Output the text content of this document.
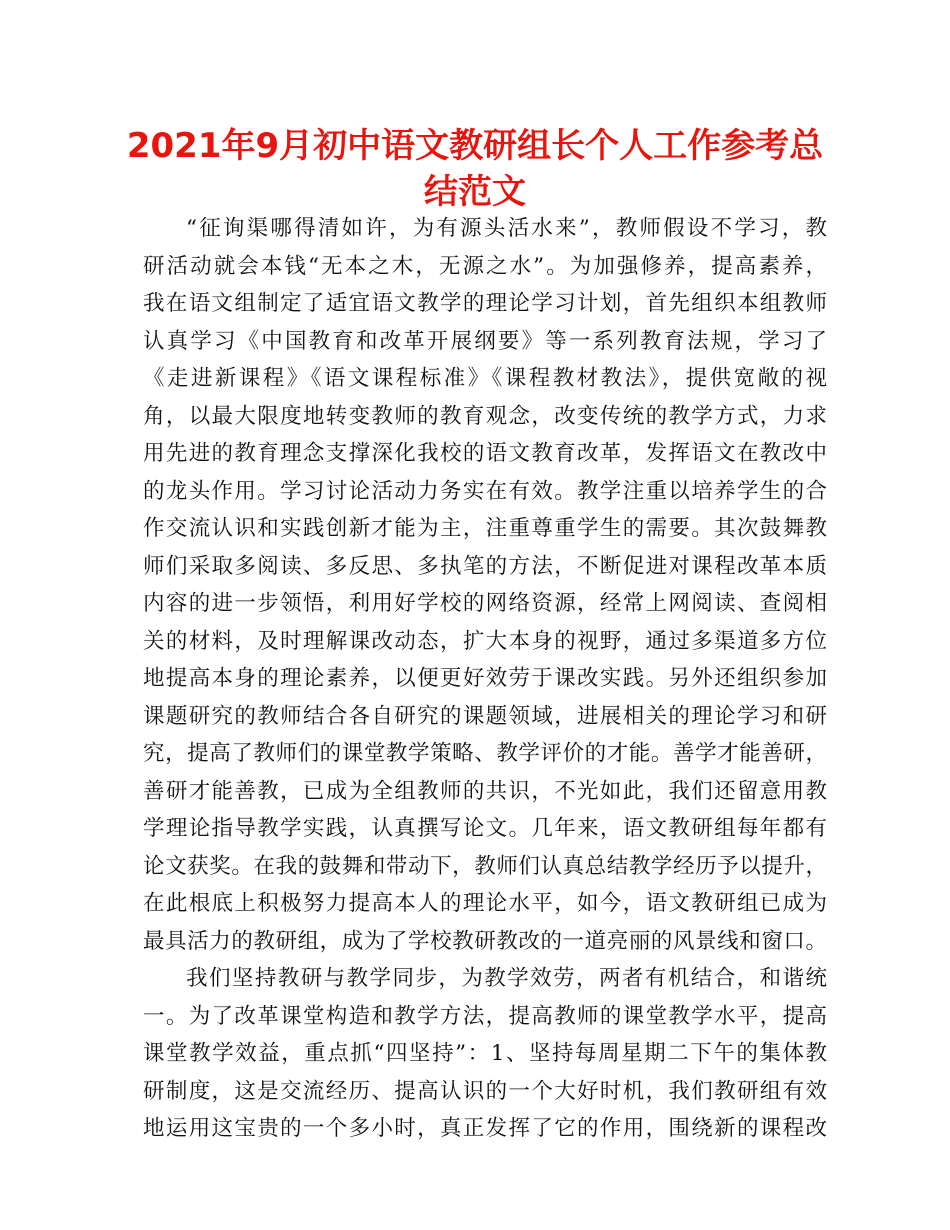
2021年9月初中语文教研组长个人工作参考总
结范文
“征询渠哪得清如许，为有源头活水来”，教师假设不学习，教
研活动就会本钱“无本之木，无源之水”。为加强修养，提高素养，
我在语文组制定了适宜语文教学的理论学习计划，首先组织本组教师
认真学习《中国教育和改革开展纲要》等一系列教育法规，学习了
《走进新课程》《语文课程标准》《课程教材教法》，提供宽敞的视
角，以最大限度地转变教师的教育观念，改变传统的教学方式，力求
用先进的教育理念支撑深化我校的语文教育改革，发挥语文在教改中
的龙头作用。学习讨论活动力务实在有效。教学注重以培养学生的合
作交流认识和实践创新才能为主，注重尊重学生的需要。其次鼓舞教
师们采取多阅读、多反思、多执笔的方法，不断促进对课程改革本质
内容的进一步领悟，利用好学校的网络资源，经常上网阅读、查阅相
关的材料，及时理解课改动态，扩大本身的视野，通过多渠道多方位
地提高本身的理论素养，以便更好效劳于课改实践。另外还组织参加
课题研究的教师结合各自研究的课题领域，进展相关的理论学习和研
究，提高了教师们的课堂教学策略、教学评价的才能。善学才能善研，
善研才能善教，已成为全组教师的共识，不光如此，我们还留意用教
学理论指导教学实践，认真撰写论文。几年来，语文教研组每年都有
论文获奖。在我的鼓舞和带动下，教师们认真总结教学经历予以提升，
在此根底上积极努力提高本人的理论水平，如今，语文教研组已成为
最具活力的教研组，成为了学校教研教改的一道亮丽的风景线和窗口。
我们坚持教研与教学同步，为教学效劳，两者有机结合，和谐统
一。为了改革课堂构造和教学方法，提高教师的课堂教学水平，提高
课堂教学效益，重点抓“四坚持”：1、坚持每周星期二下午的集体教
研制度，这是交流经历、提高认识的一个大好时机，我们教研组有效
地运用这宝贵的一个多小时，真正发挥了它的作用，围绕新的课程改
